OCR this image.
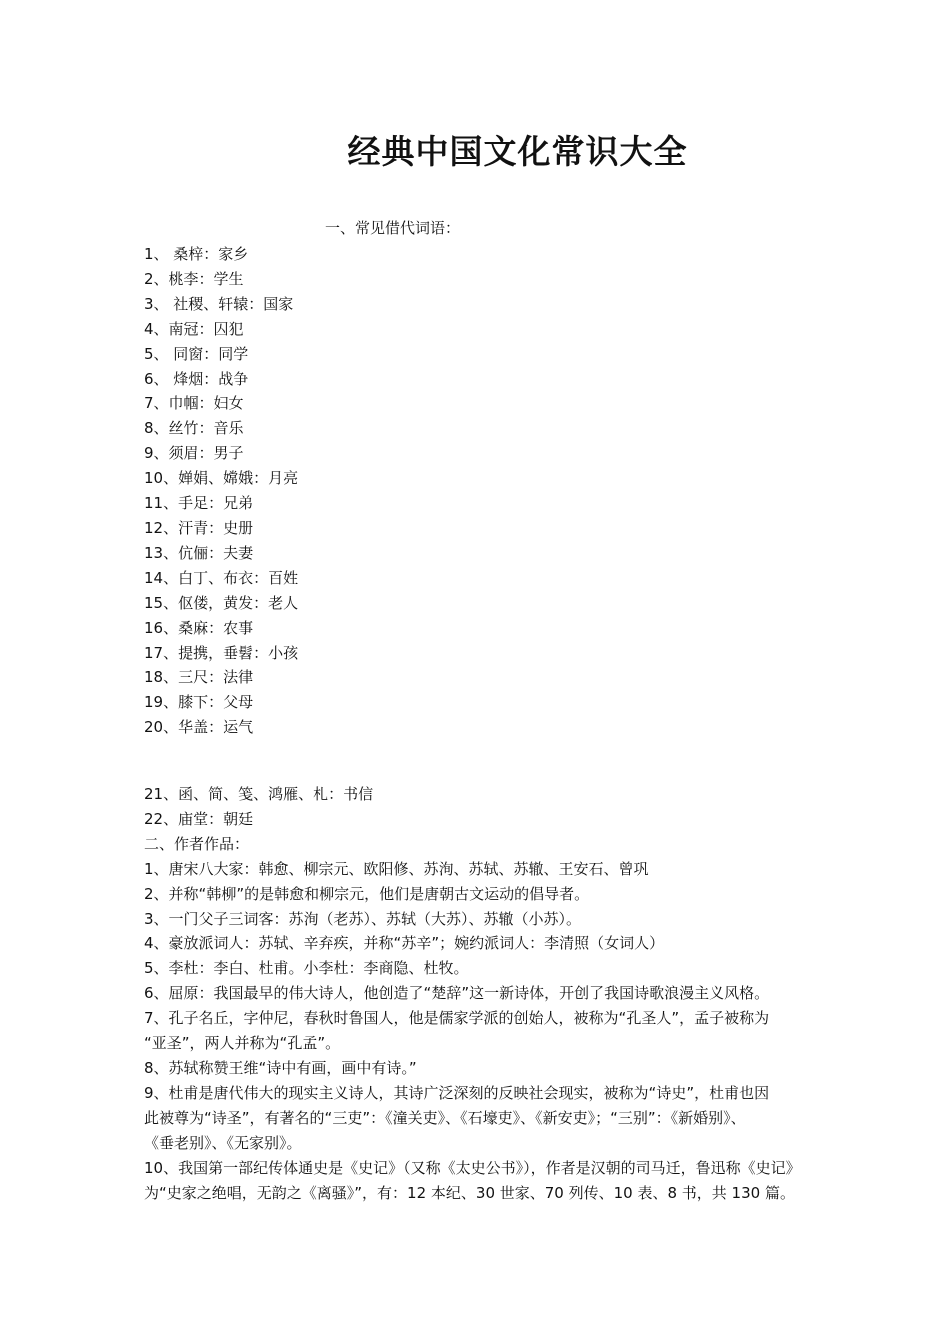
经典中国文化常识大全
一、常见借代词语：
1、 桑梓：家乡
2、桃李：学生
3、 社稷、轩辕：国家
4、南冠：囚犯
5、 同窗：同学
6、 烽烟：战争
7、巾帼：妇女
8、丝竹：音乐
9、须眉：男子
10、婵娟、嫦娥：月亮
11、手足：兄弟
12、汗青：史册
13、伉俪：夫妻
14、白丁、布衣：百姓
15、伛偻，黄发：老人
16、桑麻：农事
17、提携，垂髫：小孩
18、三尺：法律
19、膝下：父母
20、华盖：运气
21、函、简、笺、鸿雁、札：书信
22、庙堂：朝廷
二、作者作品：
1、唐宋八大家：韩愈、柳宗元、欧阳修、苏洵、苏轼、苏辙、王安石、曾巩
2、并称“韩柳”的是韩愈和柳宗元，他们是唐朝古文运动的倡导者。
3、一门父子三词客：苏洵（老苏）、苏轼（大苏）、苏辙（小苏）。
4、豪放派词人：苏轼、辛弃疾，并称“苏辛”；婉约派词人：李清照（女词人）
5、李杜：李白、杜甫。小李杜：李商隐、杜牧。
6、屈原：我国最早的伟大诗人，他创造了“楚辞”这一新诗体，开创了我国诗歌浪漫主义风格。
7、孔子名丘，字仲尼，春秋时鲁国人，他是儒家学派的创始人，被称为“孔圣人”，孟子被称为
“亚圣”，两人并称为“孔孟”。
8、苏轼称赞王维“诗中有画，画中有诗。”
9、杜甫是唐代伟大的现实主义诗人，其诗广泛深刻的反映社会现实，被称为“诗史”，杜甫也因
此被尊为“诗圣”，有著名的“三吏”：《潼关吏》、《石壕吏》、《新安吏》；“三别”：《新婚别》、
《垂老别》、《无家别》。
10、我国第一部纪传体通史是《史记》（又称《太史公书》），作者是汉朝的司马迁，鲁迅称《史记》
为“史家之绝唱，无韵之《离骚》”，有：12 本纪、30 世家、70 列传、10 表、8 书，共 130 篇。
